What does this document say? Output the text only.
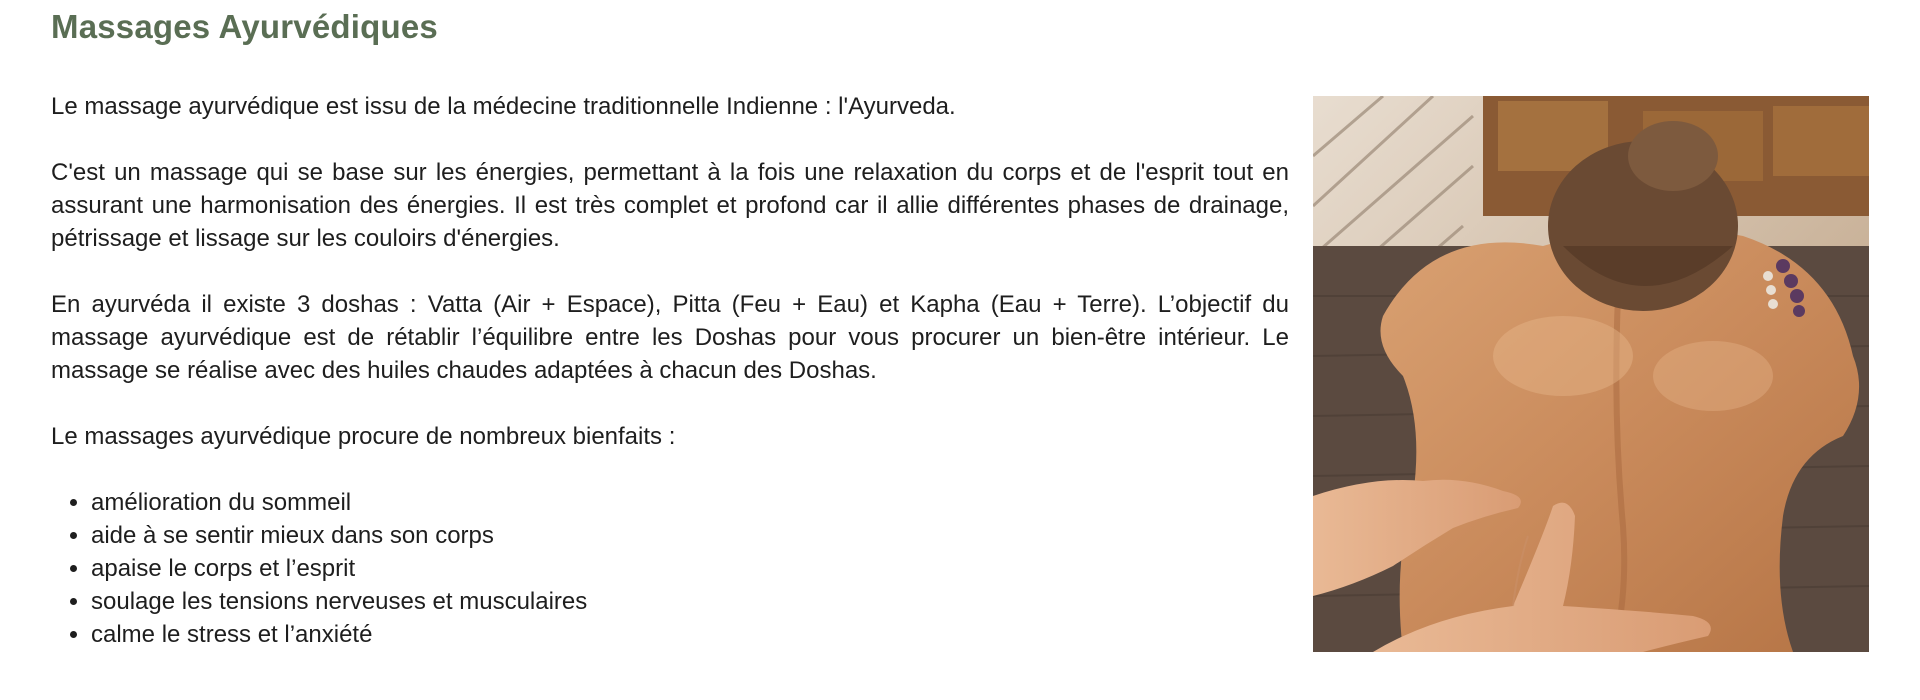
Massages Ayurvédiques

Le massage ayurvédique est issu de la médecine traditionnelle Indienne : l'Ayurveda.

C'est un massage qui se base sur les énergies, permettant à la fois une relaxation du corps et de l'esprit tout en assurant une harmonisation des énergies. Il est très complet et profond car il allie différentes phases de drainage, pétrissage et lissage sur les couloirs d'énergies.

En ayurvéda il existe 3 doshas : Vatta (Air + Espace), Pitta (Feu + Eau) et Kapha (Eau + Terre). L’objectif du massage ayurvédique est de rétablir l’équilibre entre les Doshas pour vous procurer un bien-être intérieur. Le massage se réalise avec des huiles chaudes adaptées à chacun des Doshas.

Le massages ayurvédique procure de nombreux bienfaits :

• amélioration du sommeil
• aide à se sentir mieux dans son corps
• apaise le corps et l’esprit
• soulage les tensions nerveuses et musculaires
• calme le stress et l’anxiété
